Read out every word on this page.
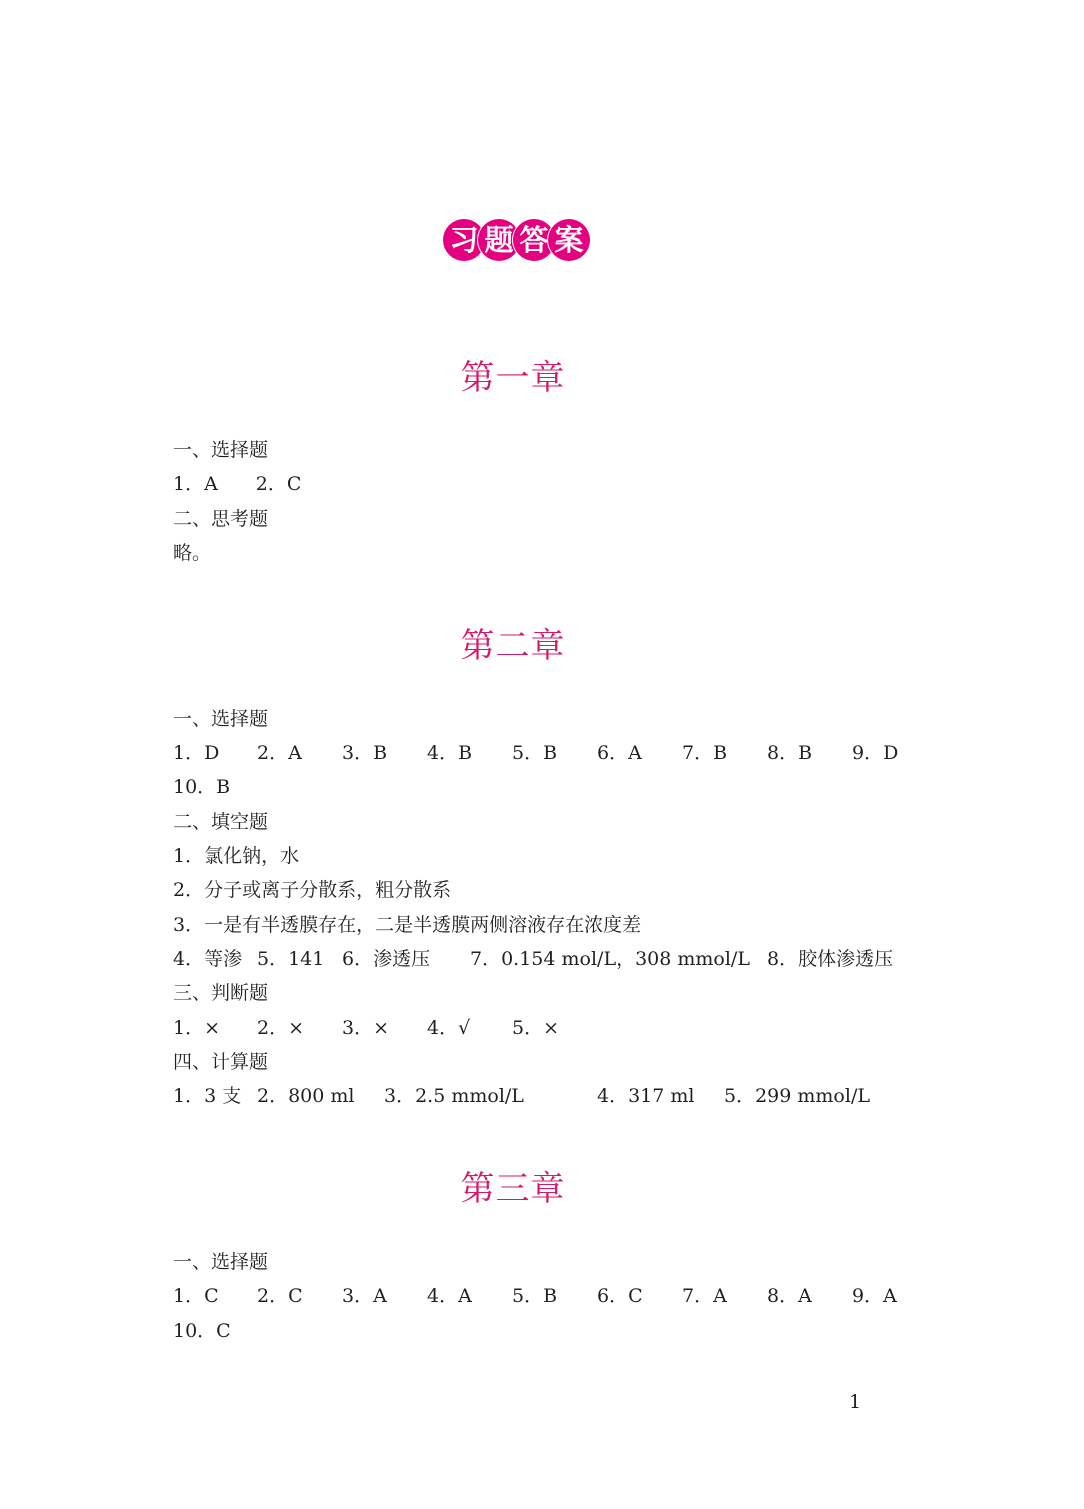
习 题 答 案
第一章
一、选择题
1．A　　2．C
二、思考题
略。
第二章
一、选择题
1．D 2．A 3．B 4．B 5．B 6．A 7．B 8．B 9．D
10．B
二、填空题
1．氯化钠，水
2．分子或离子分散系，粗分散系
3．一是有半透膜存在，二是半透膜两侧溶液存在浓度差
4．等渗 5．141 6．渗透压 7．0.154 mol/L，308 mmol/L 8．胶体渗透压
三、判断题
1．× 2．× 3．× 4．√ 5．×
四、计算题
1．3 支 2．800 ml 3．2.5 mmol/L	4．317 ml 5．299 mmol/L
第三章
一、选择题
1．C 2．C 3．A 4．A 5．B 6．C 7．A 8．A 9．A
10．C
1
